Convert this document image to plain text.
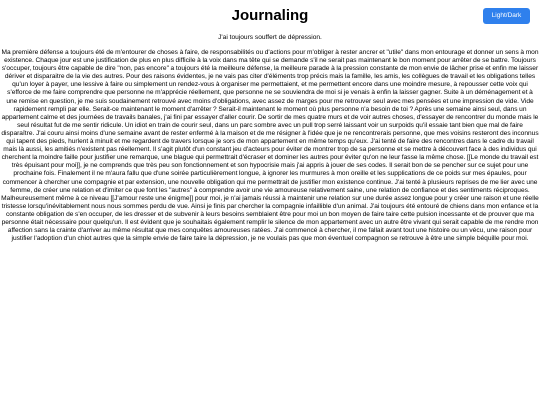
Journaling	Light/Dark

J'ai toujours souffert de dépression.

Ma première défense a toujours été de m'entourer de choses à faire, de responsabilités ou d'actions pour m'obliger à rester ancrer et "utile" dans mon entourage et donner un sens à mon existence. Chaque jour est une justification de plus en plus difficile à la voix dans ma tête qui se demande s'il ne serait pas maintenant le bon moment pour arrêter de se battre. Toujours s'occuper, toujours être capable de dire "non, pas encore" a toujours été la meilleure défense, la meilleure parade à la pression constante de mon envie de lâcher prise et enfin me laisser dériver et disparaitre de la vie des autres. Pour des raisons évidentes, je ne vais pas citer d'éléments trop précis mais la famille, les amis, les collègues de travail et les obligations telles qu'un loyer à payer, une lessive à faire ou simplement un rendez-vous à organiser me permettaient, et me permettent encore dans une moindre mesure, à repousser cette voix qui s'efforce de me faire comprendre que personne ne m'apprécie réellement, que personne ne se souviendra de moi si je venais à enfin la laisser gagner. Suite à un déménagement et à une remise en question, je me suis soudainement retrouvé avec moins d'obligations, avec assez de marges pour me retrouver seul avec mes pensées et une impression de vide. Vide rapidement rempli par elle. Serait-ce maintenant le moment d'arrêter ? Serait-il maintenant le moment où plus personne n'a besoin de toi ? Après une semaine ainsi seul, dans un appartement calme et des journées de travails banales, j'ai fini par essayer d'aller courir. De sortir de mes quatre murs et de voir autres choses, d'essayer de rencontrer du monde mais le seul résultat fut de me sentir ridicule. Un idiot en train de courir seul, dans un parc sombre avec un pull trop serré laissant voir un surpoids qu'il essaie tant bien que mal de faire disparaître. J'ai couru ainsi moins d'une semaine avant de rester enfermé à la maison et de me résigner à l'idée que je ne rencontrerais personne, que mes voisins resteront des inconnus qui tapent des pieds, hurlent à minuit et me regardent de travers lorsque je sors de mon appartement en même temps qu'eux. J'ai tenté de faire des rencontres dans le cadre du travail mais là aussi, les amitiés n'existent pas réellement. Il s'agit plutôt d'un constant jeu d'acteurs pour éviter de montrer trop de sa personne et se mettre à découvert face à des individus qui cherchent la moindre faille pour justifier une remarque, une blague qui permettrait d'écraser et dominer les autres pour éviter qu'on ne leur fasse la même chose. [[Le monde du travail est très épuisant pour moi]], je ne comprends que très peu son fonctionnement et son hypocrisie mais j'ai appris à jouer de ses codes. Il serait bon de se pencher sur ce sujet pour une prochaine fois. Finalement il ne m'aura fallu que d'une soirée particulièrement longue, à ignorer les murmures à mon oreille et les supplications de ce poids sur mes épaules, pour commencer à chercher une compagnie et par extension, une nouvelle obligation qui me permettrait de justifier mon existence continue. J'ai tenté à plusieurs reprises de me lier avec une femme, de créer une relation et d'imiter ce que font les "autres" à comprendre avoir une vie amoureuse relativement saine, une relation de confiance et des sentiments réciproques. Malheureusement même à ce niveau [[J'amour reste une énigme]] pour moi, je n'ai jamais réussi à maintenir une relation sur une durée assez longue pour y créer une raison et une réelle tristesse lorsqu'inévitablement nous nous sommes perdu de vue. Ainsi je finis par chercher la compagnie infaillible d'un animal. J'ai toujours été entouré de chiens dans mon enfance et la constante obligation de s'en occuper, de les dresser et de subvenir à leurs besoins semblaient être pour moi un bon moyen de faire taire cette pulsion incessante et de prouver que ma personne était nécessaire pour quelqu'un. Il est évident que je souhaitais également remplir le silence de mon appartement avec un autre être vivant qui serait capable de me rendre mon affection sans la crainte d'arriver au même résultat que mes conquêtes amoureuses ratées. J'ai commencé à chercher, il me fallait avant tout une histoire ou un vécu, une raison pour justifier l'adoption d'un chiot autres que la simple envie de faire taire la dépression, je ne voulais pas que mon éventuel compagnon se retrouve à être une simple béquille pour moi.
